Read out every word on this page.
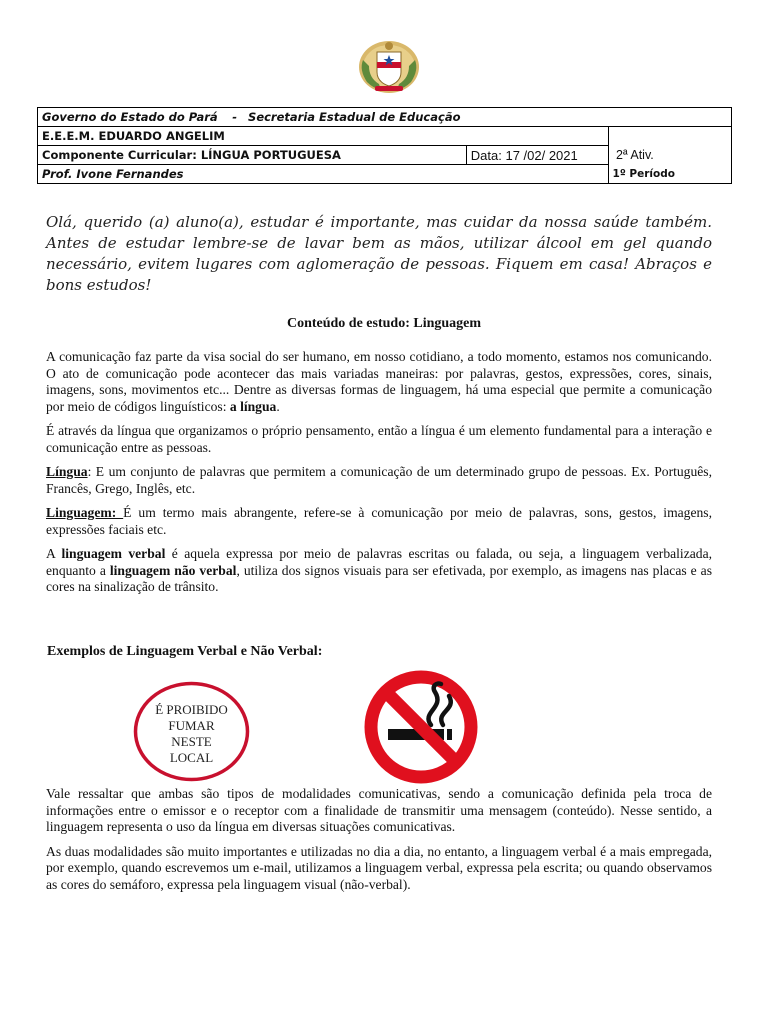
Governo do Estado do Pará - Secretaria Estadual de Educação		
E.E.E.M. EDUARDO ANGELIM		
Componente Curricular: LÍNGUA PORTUGUESA	Data: 17 /02/ 2021	2ª Ativ.
Prof. Ivone Fernandes		1º Período
Olá, querido (a) aluno(a), estudar é importante, mas cuidar da nossa saúde também. Antes de estudar lembre-se de lavar bem as mãos, utilizar álcool em gel quando necessário, evitem lugares com aglomeração de pessoas. Fiquem em casa! Abraços e bons estudos!
Conteúdo de estudo: Linguagem

A comunicação faz parte da visa social do ser humano, em nosso cotidiano, a todo momento, estamos nos comunicando. O ato de comunicação pode acontecer das mais variadas maneiras: por palavras, gestos, expressões, cores, sinais, imagens, sons, movimentos etc... Dentre as diversas formas de linguagem, há uma especial que permite a comunicação por meio de códigos linguísticos: a língua.

É através da língua que organizamos o próprio pensamento, então a língua é um elemento fundamental para a interação e comunicação entre as pessoas.

Língua: E um conjunto de palavras que permitem a comunicação de um determinado grupo de pessoas. Ex. Português, Francês, Grego, Inglês, etc.

Linguagem: É um termo mais abrangente, refere-se à comunicação por meio de palavras, sons, gestos, imagens, expressões faciais etc.

A linguagem verbal é aquela expressa por meio de palavras escritas ou falada, ou seja, a linguagem verbalizada, enquanto a linguagem não verbal, utiliza dos signos visuais para ser efetivada, por exemplo, as imagens nas placas e as cores na sinalização de trânsito.

Exemplos de Linguagem Verbal e Não Verbal:
É PROIBIDO
FUMAR
NESTE
LOCAL

Vale ressaltar que ambas são tipos de modalidades comunicativas, sendo a comunicação definida pela troca de informações entre o emissor e o receptor com a finalidade de transmitir uma mensagem (conteúdo). Nesse sentido, a linguagem representa o uso da língua em diversas situações comunicativas.

As duas modalidades são muito importantes e utilizadas no dia a dia, no entanto, a linguagem verbal é a mais empregada, por exemplo, quando escrevemos um e-mail, utilizamos a linguagem verbal, expressa pela escrita; ou quando observamos as cores do semáforo, expressa pela linguagem visual (não-verbal).
